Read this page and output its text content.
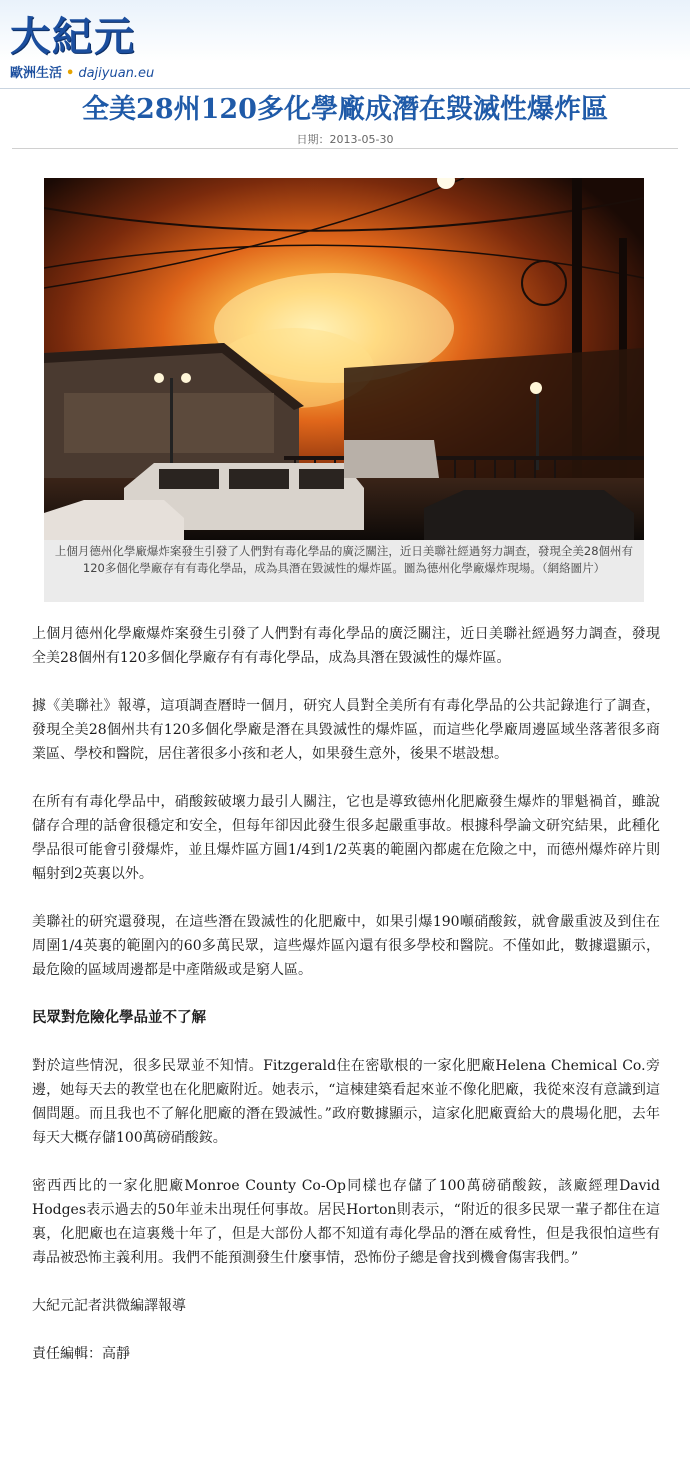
大紀元
歐洲生活 • dajiyuan.eu
全美28州120多化學廠成潛在毀滅性爆炸區
日期：2013-05-30
上個月德州化學廠爆炸案發生引發了人們對有毒化學品的廣泛關注，近日美聯社經過努力調查，發現全美28個州有120多個化學廠存有有毒化學品，成為具潛在毀滅性的爆炸區。圖為德州化學廠爆炸現場。（網絡圖片）

上個月德州化學廠爆炸案發生引發了人們對有毒化學品的廣泛關注，近日美聯社經過努力調查，發現全美28個州有120多個化學廠存有有毒化學品，成為具潛在毀滅性的爆炸區。

據《美聯社》報導，這項調查曆時一個月，研究人員對全美所有有毒化學品的公共記錄進行了調查，發現全美28個州共有120多個化學廠是潛在具毀滅性的爆炸區，而這些化學廠周邊區域坐落著很多商業區、學校和醫院，居住著很多小孩和老人，如果發生意外，後果不堪設想。

在所有有毒化學品中，硝酸銨破壞力最引人關注，它也是導致德州化肥廠發生爆炸的罪魁禍首，雖說儲存合理的話會很穩定和安全，但每年卻因此發生很多起嚴重事故。根據科學論文研究結果，此種化學品很可能會引發爆炸，並且爆炸區方圓1/4到1/2英裏的範圍內都處在危險之中，而德州爆炸碎片則輻射到2英裏以外。

美聯社的研究還發現，在這些潛在毀滅性的化肥廠中，如果引爆190噸硝酸銨，就會嚴重波及到住在周圍1/4英裏的範圍內的60多萬民眾，這些爆炸區內還有很多學校和醫院。不僅如此，數據還顯示，最危險的區域周邊都是中產階級或是窮人區。

民眾對危險化學品並不了解

對於這些情況，很多民眾並不知情。Fitzgerald住在密歇根的一家化肥廠Helena Chemical Co.旁邊，她每天去的教堂也在化肥廠附近。她表示，“這棟建築看起來並不像化肥廠，我從來沒有意識到這個問題。而且我也不了解化肥廠的潛在毀滅性。”政府數據顯示，這家化肥廠賣給大的農場化肥，去年每天大概存儲100萬磅硝酸銨。

密西西比的一家化肥廠Monroe County Co-Op同樣也存儲了100萬磅硝酸銨，該廠經理David Hodges表示過去的50年並未出現任何事故。居民Horton則表示，“附近的很多民眾一輩子都住在這裏，化肥廠也在這裏幾十年了，但是大部份人都不知道有毒化學品的潛在威脅性，但是我很怕這些有毒品被恐怖主義利用。我們不能預測發生什麼事情，恐怖份子總是會找到機會傷害我們。”

大紀元記者洪微編譯報導

責任編輯：高靜
